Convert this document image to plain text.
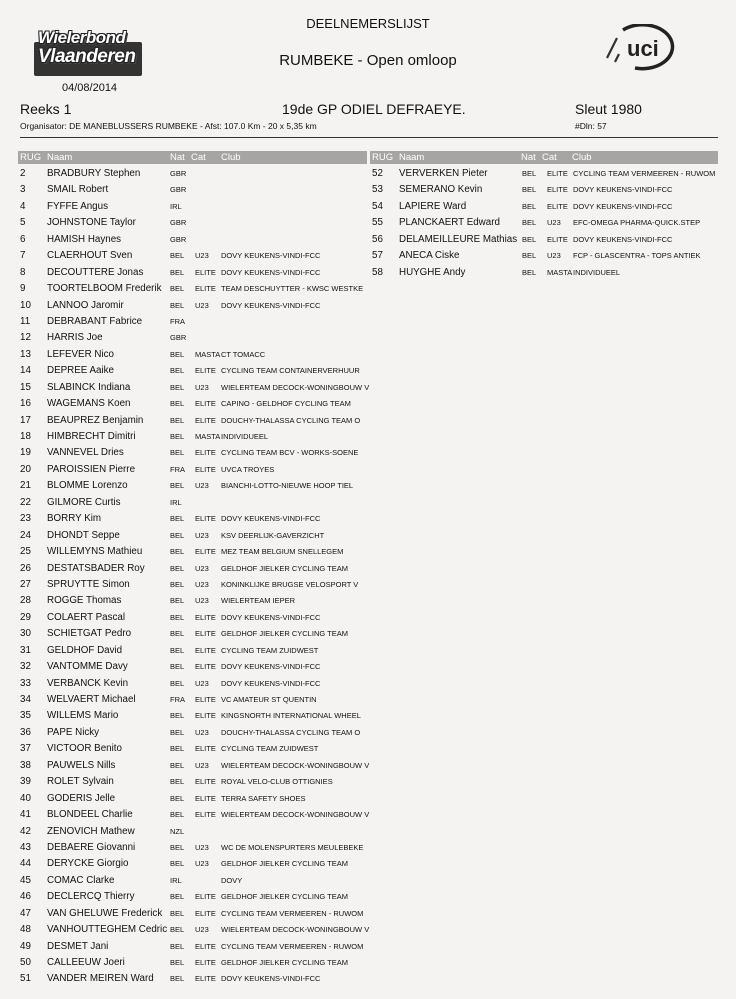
Wielerbond
Vlaanderen
04/08/2014
DEELNEMERSLIJST
RUMBEKE - Open omloop	uci
Reeks 1	19de GP ODIEL DEFRAEYE.	Sleut 1980
Organisator: DE MANEBLUSSERS RUMBEKE - Afst: 107.0 Km - 20 x 5,35 km	#Dln: 57
RUG Naam	Nat Cat Club	RUG Naam	Nat Cat Club
2 BRADBURY Stephen	GBR
3 SMAIL Robert	GBR
4 FYFFE Angus	IRL
5 JOHNSTONE Taylor	GBR
6 HAMISH Haynes	GBR
7 CLAERHOUT Sven	BEL U23 DOVY KEUKENS-VINDI-FCC
8 DECOUTTERE Jonas	BEL ELITE DOVY KEUKENS-VINDI-FCC
9 TOORTELBOOM Frederik BEL ELITE TEAM DESCHUYTTER - KWSC WESTKE
10 LANNOO Jaromir	BEL U23 DOVY KEUKENS-VINDI-FCC
11 DEBRABANT Fabrice	FRA
12 HARRIS Joe	GBR
13 LEFEVER Nico	BEL MASTA CT TOMACC
14 DEPREE Aaike	BEL ELITE CYCLING TEAM CONTAINERVERHUUR
15 SLABINCK Indiana	BEL U23 WIELERTEAM DECOCK-WONINGBOUW V
16 WAGEMANS Koen	BEL ELITE CAPINO - GELDHOF CYCLING TEAM
17 BEAUPREZ Benjamin	BEL ELITE DOUCHY-THALASSA CYCLING TEAM O
18 HIMBRECHT Dimitri	BEL MASTA INDIVIDUEEL
19 VANNEVEL Dries	BEL ELITE CYCLING TEAM BCV - WORKS-SOENE
20 PAROISSIEN Pierre	FRA ELITE UVCA TROYES
21 BLOMME Lorenzo	BEL U23 BIANCHI-LOTTO-NIEUWE HOOP TIEL
22 GILMORE Curtis	IRL
23 BORRY Kim	BEL ELITE DOVY KEUKENS-VINDI-FCC
24 DHONDT Seppe	BEL U23 KSV DEERLIJK-GAVERZICHT
25 WILLEMYNS Mathieu	BEL ELITE MEZ TEAM BELGIUM SNELLEGEM
26 DESTATSBADER Roy	BEL U23 GELDHOF JIELKER CYCLING TEAM
27 SPRUYTTE Simon	BEL U23 KONINKLIJKE BRUGSE VELOSPORT V
28 ROGGE Thomas	BEL U23 WIELERTEAM IEPER
29 COLAERT Pascal	BEL ELITE DOVY KEUKENS-VINDI-FCC
30 SCHIETGAT Pedro	BEL ELITE GELDHOF JIELKER CYCLING TEAM
31 GELDHOF David	BEL ELITE CYCLING TEAM ZUIDWEST
32 VANTOMME Davy	BEL ELITE DOVY KEUKENS-VINDI-FCC
33 VERBANCK Kevin	BEL U23 DOVY KEUKENS-VINDI-FCC
34 WELVAERT Michael	FRA ELITE VC AMATEUR ST QUENTIN
35 WILLEMS Mario	BEL ELITE KINGSNORTH INTERNATIONAL WHEEL
36 PAPE Nicky	BEL U23 DOUCHY-THALASSA CYCLING TEAM O
37 VICTOOR Benito	BEL ELITE CYCLING TEAM ZUIDWEST
38 PAUWELS Nills	BEL U23 WIELERTEAM DECOCK-WONINGBOUW V
39 ROLET Sylvain	BEL ELITE ROYAL VELO-CLUB OTTIGNIES
40 GODERIS Jelle	BEL ELITE TERRA SAFETY SHOES
41 BLONDEEL Charlie	BEL ELITE WIELERTEAM DECOCK-WONINGBOUW V
42 ZENOVICH Mathew	NZL
43 DEBAERE Giovanni	BEL U23 WC DE MOLENSPURTERS MEULEBEKE
44 DERYCKE Giorgio	BEL U23 GELDHOF JIELKER CYCLING TEAM
45 COMAC Clarke	IRL	DOVY
46 DECLERCQ Thierry	BEL ELITE GELDHOF JIELKER CYCLING TEAM
47 VAN GHELUWE Frederick BEL ELITE CYCLING TEAM VERMEEREN - RUWOM
48 VANHOUTTEGHEM Cedric BEL U23 WIELERTEAM DECOCK-WONINGBOUW V
49 DESMET Jani	BEL ELITE CYCLING TEAM VERMEEREN - RUWOM
50 CALLEEUW Joeri	BEL ELITE GELDHOF JIELKER CYCLING TEAM
51 VANDER MEIREN Ward BEL ELITE DOVY KEUKENS-VINDI-FCC
52 VERVERKEN Pieter	BEL ELITE CYCLING TEAM VERMEEREN - RUWOM
53 SEMERANO Kevin	BEL ELITE DOVY KEUKENS-VINDI-FCC
54 LAPIERE Ward	BEL ELITE DOVY KEUKENS-VINDI-FCC
55 PLANCKAERT Edward	BEL U23 EFC-OMEGA PHARMA-QUICK.STEP
56 DELAMEILLEURE Mathias BEL ELITE DOVY KEUKENS-VINDI-FCC
57 ANECA Ciske	BEL U23 FCP - GLASCENTRA - TOPS ANTIEK
58 HUYGHE Andy	BEL MASTA INDIVIDUEEL
